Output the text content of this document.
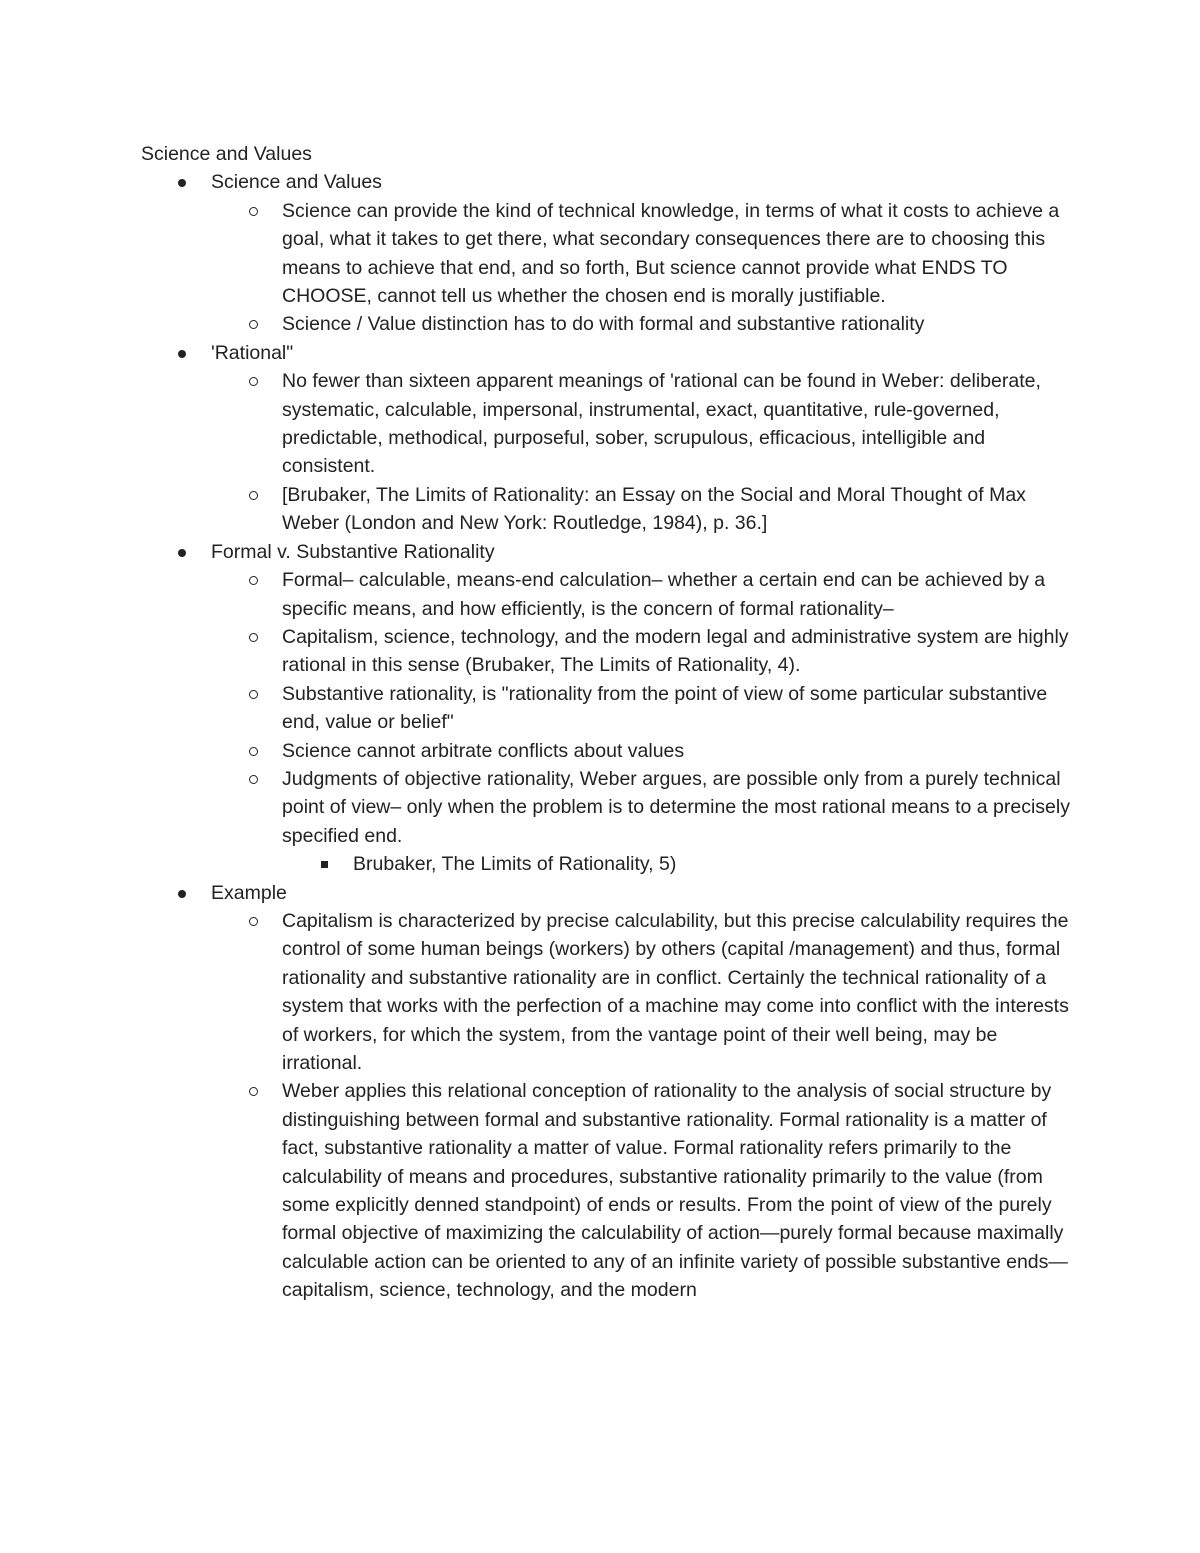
Science and Values
Science and Values
Science can provide the kind of technical knowledge, in terms of what it costs to achieve a goal, what it takes to get there, what secondary consequences there are to choosing this means to achieve that end, and so forth, But science cannot provide what ENDS TO CHOOSE, cannot tell us whether the chosen end is morally justifiable.
Science / Value distinction has to do with formal and substantive rationality
'Rational"
No fewer than sixteen apparent meanings of 'rational can be found in Weber: deliberate, systematic, calculable, impersonal, instrumental, exact, quantitative, rule-governed, predictable, methodical, purposeful, sober, scrupulous, efficacious, intelligible and consistent.
[Brubaker, The Limits of Rationality: an Essay on the Social and Moral Thought of Max Weber (London and New York: Routledge, 1984), p. 36.]
Formal v. Substantive Rationality
Formal– calculable, means-end calculation– whether a certain end can be achieved by a specific means, and how efficiently, is the concern of formal rationality–
Capitalism, science, technology, and the modern legal and administrative system are highly rational in this sense (Brubaker, The Limits of Rationality, 4).
Substantive rationality, is "rationality from the point of view of some particular substantive end, value or belief"
Science cannot arbitrate conflicts about values
Judgments of objective rationality, Weber argues, are possible only from a purely technical point of view– only when the problem is to determine the most rational means to a precisely specified end.
Brubaker, The Limits of Rationality, 5)
Example
Capitalism is characterized by precise calculability, but this precise calculability requires the control of some human beings (workers) by others (capital /management) and thus, formal rationality and substantive rationality are in conflict. Certainly the technical rationality of a system that works with the perfection of a machine may come into conflict with the interests of workers, for which the system, from the vantage point of their well being, may be irrational.
Weber applies this relational conception of rationality to the analysis of social structure by distinguishing between formal and substantive rationality. Formal rationality is a matter of fact, substantive rationality a matter of value. Formal rationality refers primarily to the calculability of means and procedures, substantive rationality primarily to the value (from some explicitly denned standpoint) of ends or results. From the point of view of the purely formal objective of maximizing the calculability of action—purely formal because maximally calculable action can be oriented to any of an infinite variety of possible substantive ends—capitalism, science, technology, and the modern
